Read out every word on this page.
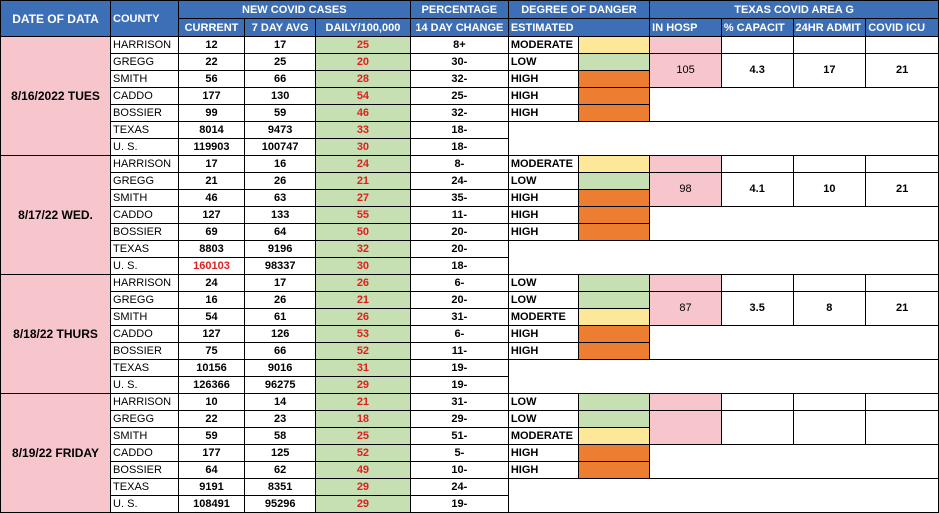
DATE OF DATA	COUNTY	NEW COVID CASES			PERCENTAGE	DEGREE OF DANGER		TEXAS COVID AREA G			
		CURRENT	7 DAY AVG	DAILY/100,000	14 DAY CHANGE	ESTIMATED		IN HOSP	% CAPACIT	24HR ADMIT	COVID ICU
8/16/2022 TUES	HARRISON	12	17	25	8+	MODERATE					
	GREGG	22	25	20	30-	LOW		105	4.3	17	21
	SMITH	56	66	28	32-	HIGH					
	CADDO	177	130	54	25-	HIGH					
	BOSSIER	99	59	46	32-	HIGH					
	TEXAS	8014	9473	33	18-						
	U. S.	119903	100747	30	18-						
8/17/22 WED.	HARRISON	17	16	24	8-	MODERATE					
	GREGG	21	26	21	24-	LOW		98	4.1	10	21
	SMITH	46	63	27	35-	HIGH					
	CADDO	127	133	55	11-	HIGH					
	BOSSIER	69	64	50	20-	HIGH					
	TEXAS	8803	9196	32	20-						
	U. S.	160103	98337	30	18-						
8/18/22 THURS	HARRISON	24	17	26	6-	LOW					
	GREGG	16	26	21	20-	LOW		87	3.5	8	21
	SMITH	54	61	26	31-	MODERTE					
	CADDO	127	126	53	6-	HIGH					
	BOSSIER	75	66	52	11-	HIGH					
	TEXAS	10156	9016	31	19-						
	U. S.	126366	96275	29	19-						
8/19/22 FRIDAY	HARRISON	10	14	21	31-	LOW					
	GREGG	22	23	18	29-	LOW					
	SMITH	59	58	25	51-	MODERATE					
	CADDO	177	125	52	5-	HIGH					
	BOSSIER	64	62	49	10-	HIGH					
	TEXAS	9191	8351	29	24-						
	U. S.	108491	95296	29	19-						
